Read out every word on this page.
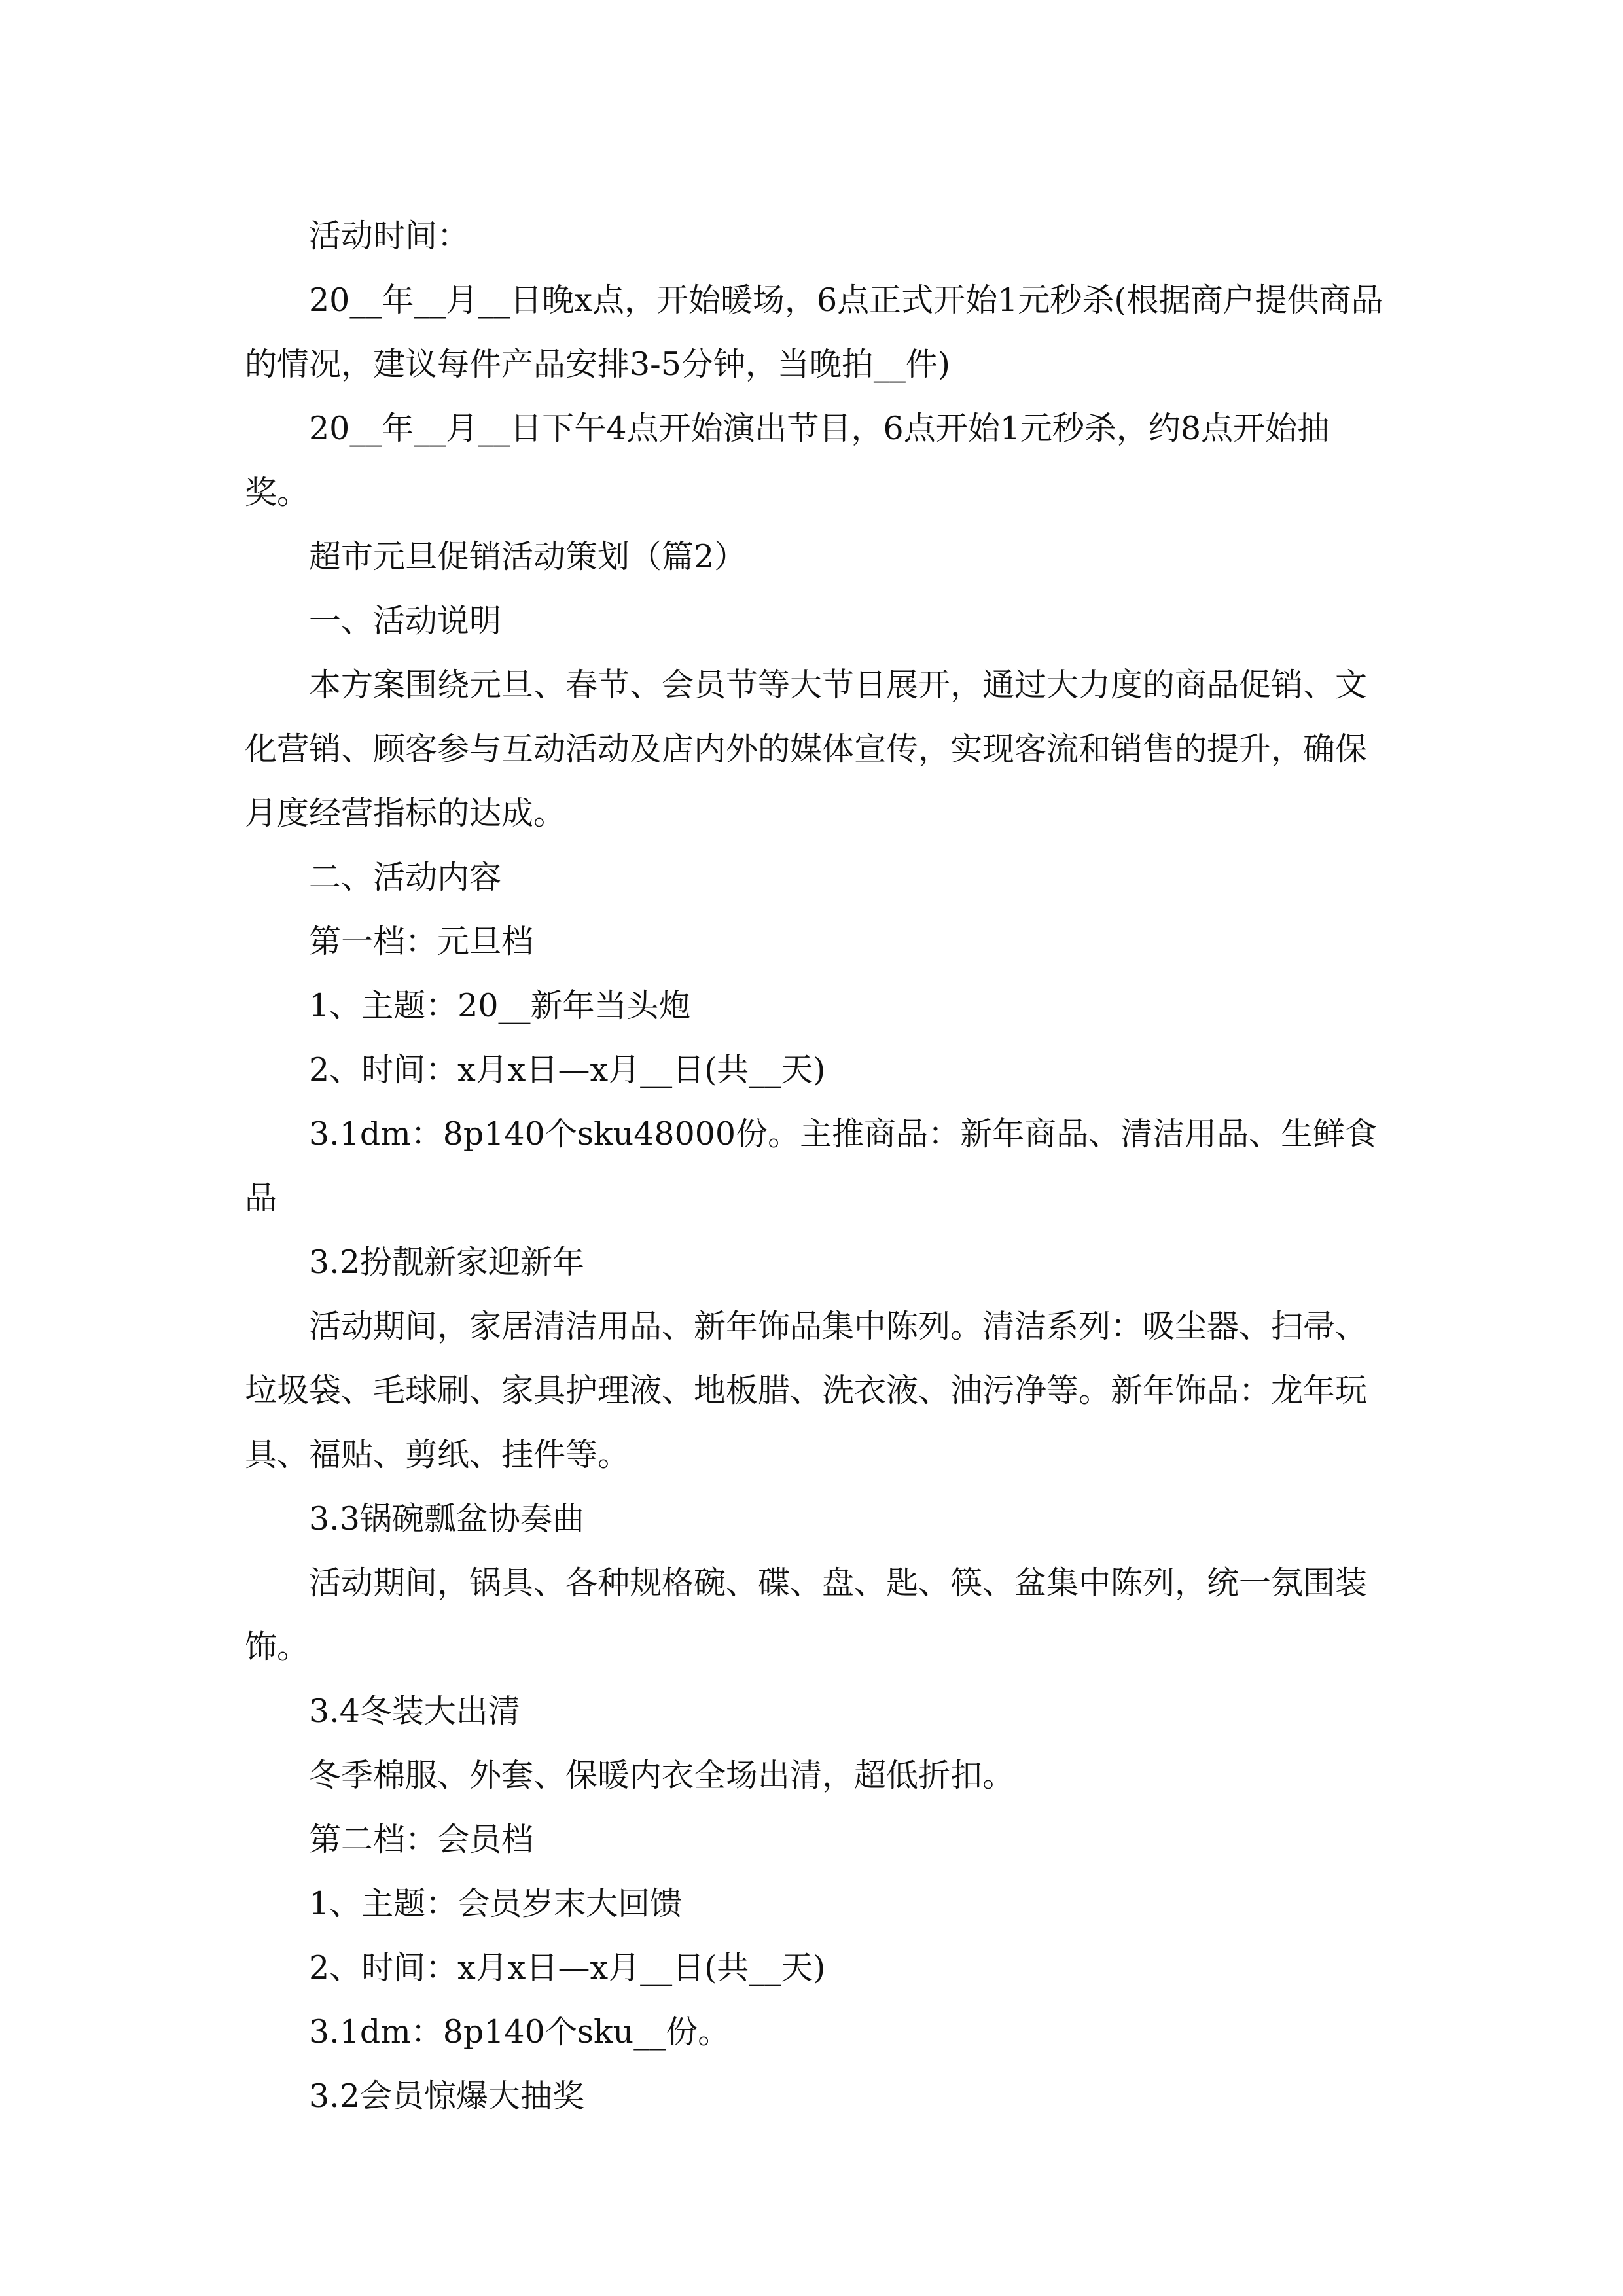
活动时间：

20__年__月__日晚x点，开始暖场，6点正式开始1元秒杀(根据商户提供商品的情况，建议每件产品安排3-5分钟，当晚拍__件)

20__年__月__日下午4点开始演出节目，6点开始1元秒杀，约8点开始抽奖。

超市元旦促销活动策划（篇2）

一、活动说明

本方案围绕元旦、春节、会员节等大节日展开，通过大力度的商品促销、文化营销、顾客参与互动活动及店内外的媒体宣传，实现客流和销售的提升，确保月度经营指标的达成。

二、活动内容

第一档：元旦档

1、主题：20__新年当头炮

2、时间：x月x日—x月__日(共__天)

3.1dm：8p140个sku48000份。主推商品：新年商品、清洁用品、生鲜食品

3.2扮靓新家迎新年

活动期间，家居清洁用品、新年饰品集中陈列。清洁系列：吸尘器、扫帚、垃圾袋、毛球刷、家具护理液、地板腊、洗衣液、油污净等。新年饰品：龙年玩具、福贴、剪纸、挂件等。

3.3锅碗瓢盆协奏曲

活动期间，锅具、各种规格碗、碟、盘、匙、筷、盆集中陈列，统一氛围装饰。

3.4冬装大出清

冬季棉服、外套、保暖内衣全场出清，超低折扣。

第二档：会员档

1、主题：会员岁末大回馈

2、时间：x月x日—x月__日(共__天)

3.1dm：8p140个sku__份。

3.2会员惊爆大抽奖
